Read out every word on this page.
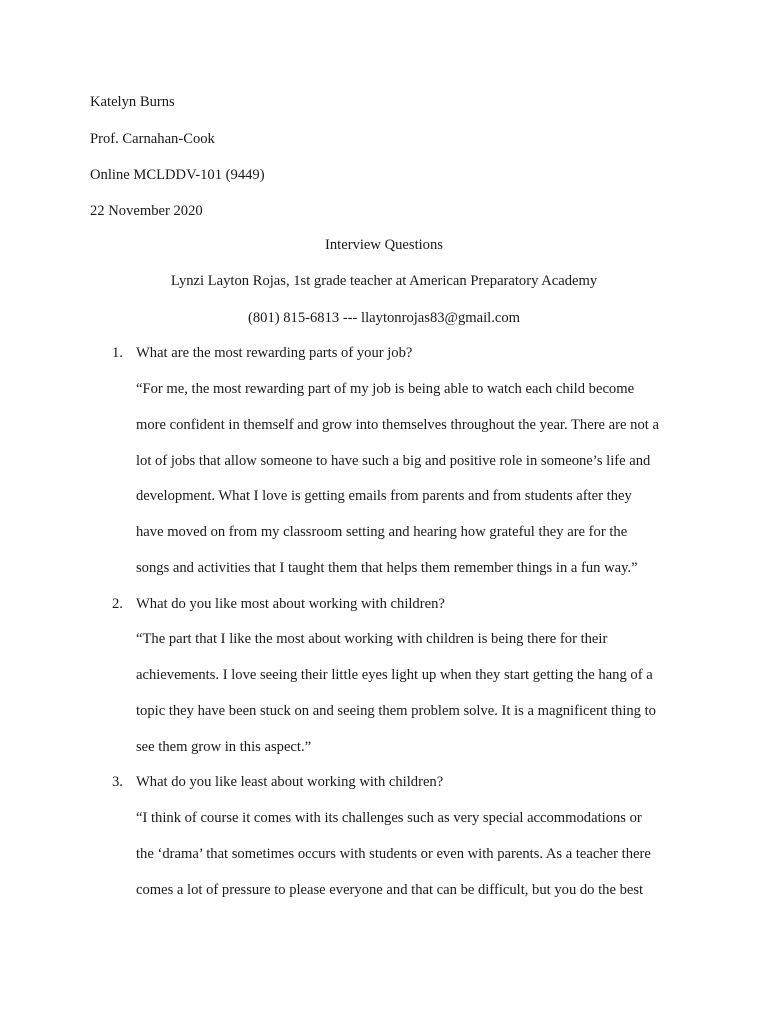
Katelyn Burns
Prof. Carnahan-Cook
Online MCLDDV-101 (9449)
22 November 2020
Interview Questions
Lynzi Layton Rojas, 1st grade teacher at American Preparatory Academy
(801) 815-6813 --- llaytonrojas83@gmail.com
1. What are the most rewarding parts of your job?
“For me, the most rewarding part of my job is being able to watch each child become
more confident in themself and grow into themselves throughout the year. There are not a
lot of jobs that allow someone to have such a big and positive role in someone’s life and
development. What I love is getting emails from parents and from students after they
have moved on from my classroom setting and hearing how grateful they are for the
songs and activities that I taught them that helps them remember things in a fun way.”
2. What do you like most about working with children?
“The part that I like the most about working with children is being there for their
achievements. I love seeing their little eyes light up when they start getting the hang of a
topic they have been stuck on and seeing them problem solve. It is a magnificent thing to
see them grow in this aspect.”
3. What do you like least about working with children?
“I think of course it comes with its challenges such as very special accommodations or
the ‘drama’ that sometimes occurs with students or even with parents. As a teacher there
comes a lot of pressure to please everyone and that can be difficult, but you do the best
